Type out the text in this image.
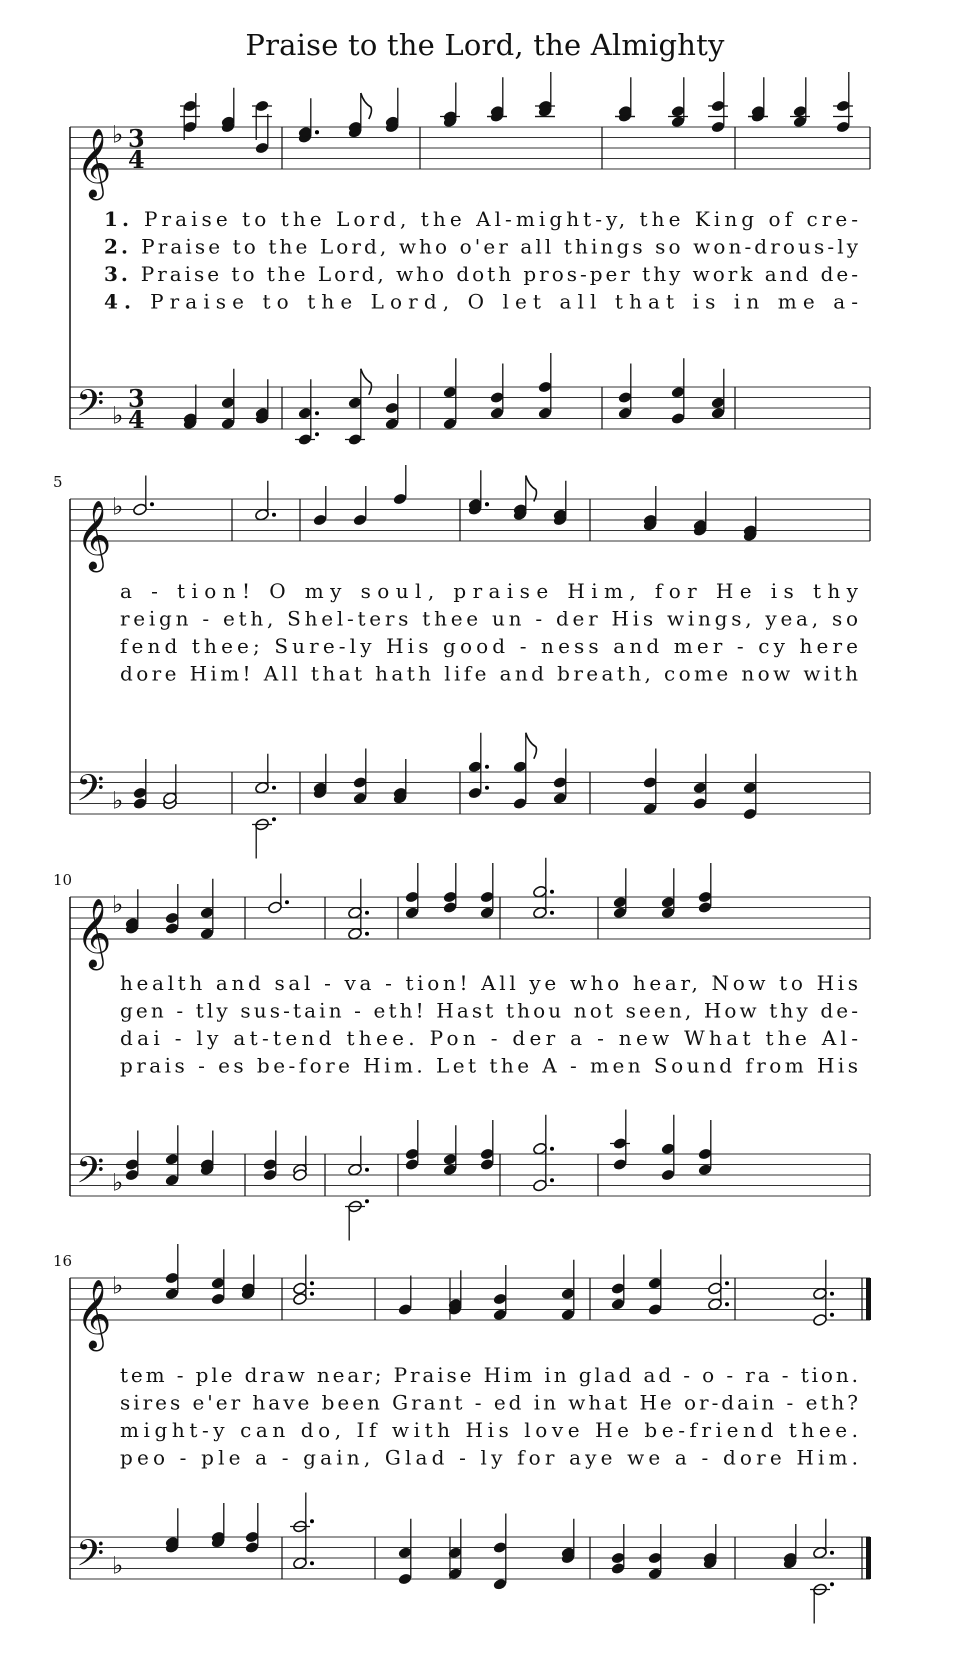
Praise to the Lord, the Almighty
𝄞
𝄢
♭
♭
3
4
3
4
1. Praise to the Lord, the Al-might-y, the King of cre-
2. Praise to the Lord, who o'er all things so won-drous-ly
3. Praise to the Lord, who doth pros-per thy work and de-
4. Praise to the Lord, O let all that is in me a-
𝄞
𝄢
♭
♭
5
a - tion! O my soul, praise Him, for He is thy
reign - eth, Shel-ters thee un - der His wings, yea, so
fend thee; Sure-ly His good - ness and mer - cy here
dore Him! All that hath life and breath, come now with
𝄞
𝄢
♭
♭
10
health and sal - va - tion! All ye who hear, Now to His
gen - tly sus-tain - eth! Hast thou not seen, How thy de-
dai - ly at-tend thee. Pon - der a - new What the Al-
prais - es be-fore Him. Let the A - men Sound from His
𝄞
𝄢
♭
♭
16
tem - ple draw near; Praise Him in glad ad - o - ra - tion.
sires e'er have been Grant - ed in what He or-dain - eth?
might-y can do, If with His love He be-friend thee.
peo - ple a - gain, Glad - ly for aye we a - dore Him.
